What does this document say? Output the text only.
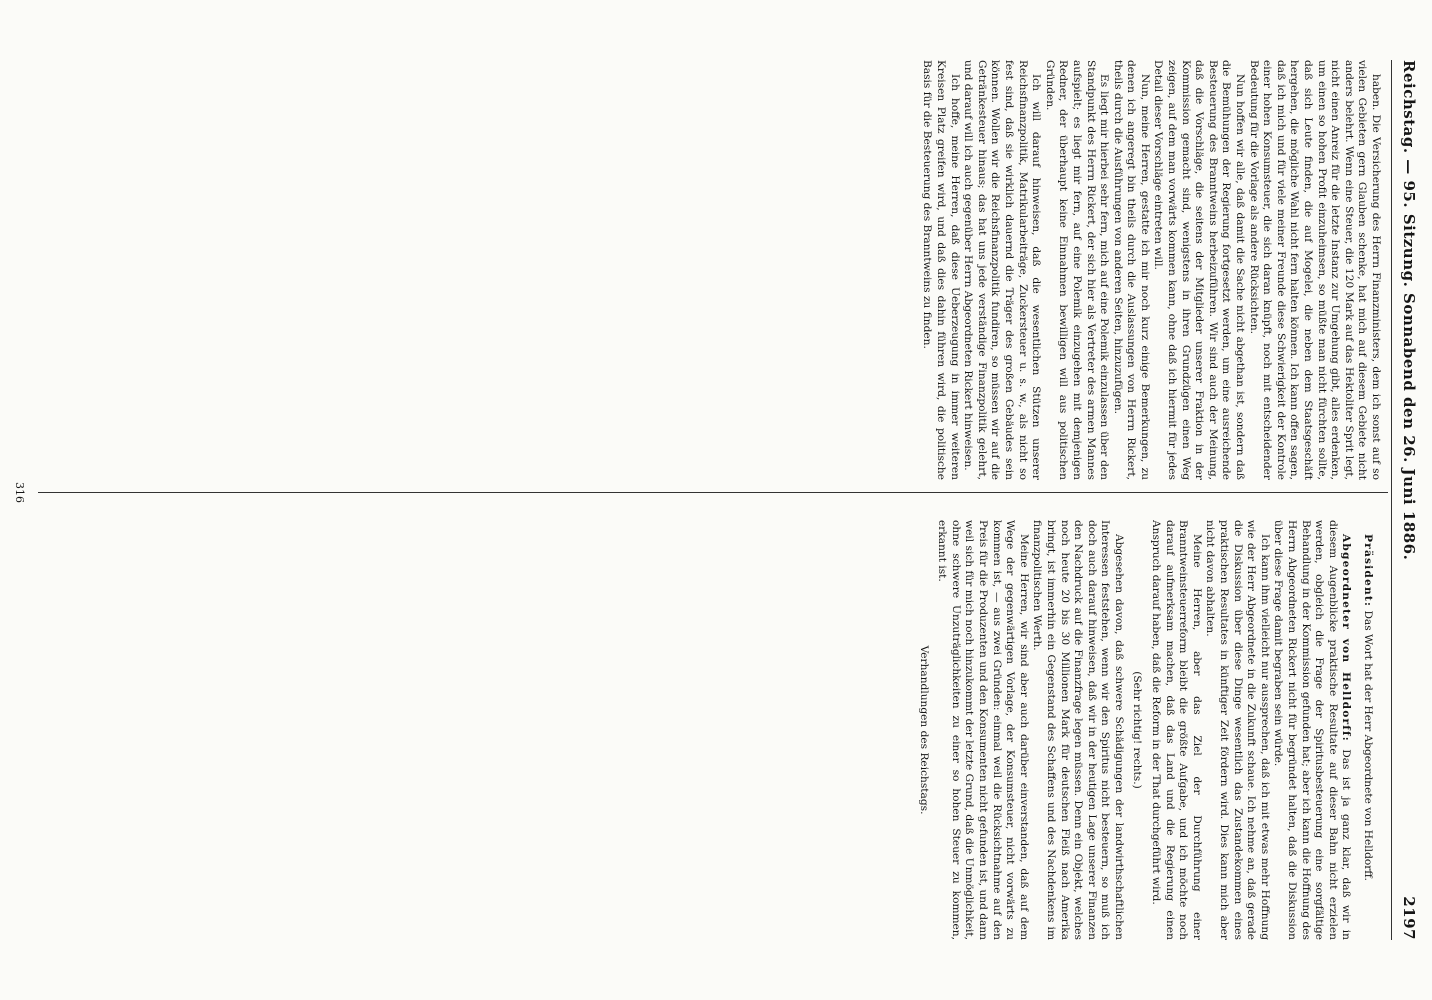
Reichstag. — 95. Sitzung. Sonnabend den 26. Juni 1886.
2197

haben. Die Versicherung des Herrn Finanzministers, dem ich sonst auf so vielen Gebieten gern Glauben schenke, hat mich auf diesem Gebiete nicht anders belehrt. Wenn eine Steuer, die 120 Mark auf das Hektoliter Sprit legt, nicht einen Anreiz für die letzte Instanz zur Umgehung gibt, alles erdenken, um einen so hohen Profit einzuheimsen, so müßte man nicht fürchten sollte, daß sich Leute finden, die auf Mogelei, die neben dem Staatsgeschäft hergehen, die mögliche Wahl nicht fern halten können. Ich kann offen sagen, daß ich mich und für viele meiner Freunde diese Schwierigkeit der Kontrole einer hohen Konsumsteuer, die sich daran knüpft, noch mit entscheidender Bedeutung für die Vorlage als andere Rücksichten.

Nun hoffen wir alle, daß damit die Sache nicht abgethan ist, sondern daß die Bemühungen der Regierung fortgesetzt werden, um eine ausreichende Besteuerung des Branntweins herbeizuführen. Wir sind auch der Meinung, daß die Vorschläge, die seitens der Mitglieder unserer Fraktion in der Kommission gemacht sind, wenigstens in ihren Grundzügen einen Weg zeigen, auf dem man vorwärts kommen kann, ohne daß ich hiermit für jedes Detail dieser Vorschläge eintreten will.

Nun, meine Herren, gestatte ich mir noch kurz einige Bemerkungen, zu denen ich angeregt bin theils durch die Auslassungen von Herrn Rickert, theils durch die Ausführungen von anderen Seiten, hinzuzufügen.

Es liegt mir hierbei sehr fern, mich auf eine Polemik einzulassen über den Standpunkt des Herrn Rickert, der sich hier als Vertreter des armen Mannes aufspielt; es liegt mir fern, auf eine Polemik einzugehen mit demjenigen Redner, der überhaupt keine Einnahmen bewilligen will aus politischen Gründen.

Ich will darauf hinweisen, daß die wesentlichen Stützen unserer Reichsfinanzpolitik, Matrikularbeiträge, Zuckersteuer u. s. w., als nicht so fest sind, daß sie wirklich dauernd die Träger des großen Gebäudes sein können. Wollen wir die Reichsfinanzpolitik fundiren, so müssen wir auf die Getränkesteuer hinaus; das hat uns jede verständige Finanzpolitik gelehrt, und darauf will ich auch gegenüber Herrn Abgeordneten Rickert hinweisen.

Ich hoffe, meine Herren, daß diese Ueberzeugung in immer weiteren Kreisen Platz greifen wird, und daß dies dahin führen wird, die politische Basis für die Besteuerung des Branntweins zu finden.

Präsident: Das Wort hat der Herr Abgeordnete von Helldorff.

Abgeordneter von Helldorff: Das ist ja ganz klar, daß wir in diesem Augenblicke praktische Resultate auf dieser Bahn nicht erzielen werden, obgleich die Frage der Spiritusbesteuerung eine sorgfältige Behandlung in der Kommission gefunden hat; aber ich kann die Hoffnung des Herrn Abgeordneten Rickert nicht für begründet halten, daß die Diskussion über diese Frage damit begraben sein würde.

Ich kann ihm vielleicht nur aussprechen, daß ich mit etwas mehr Hoffnung wie der Herr Abgeordnete in die Zukunft schaue. Ich nehme an, daß gerade die Diskussion über diese Dinge wesentlich das Zustandekommen eines praktischen Resultates in künftiger Zeit fördern wird. Dies kann mich aber nicht davon abhalten.

Meine Herren, aber das Ziel der Durchführung einer Branntweinsteuerreform bleibt die größte Aufgabe, und ich möchte noch darauf aufmerksam machen, daß das Land und die Regierung einen Anspruch darauf haben, daß die Reform in der That durchgeführt wird.

(Sehr richtig! rechts.)

Abgesehen davon, daß schwere Schädigungen der landwirthschaftlichen Interessen feststehen, wenn wir den Spiritus nicht besteuern, so muß ich doch auch darauf hinweisen, daß wir in der heutigen Lage unserer Finanzen den Nachdruck auf die Finanzfrage legen müssen. Denn ein Objekt, welches noch heute 20 bis 30 Millionen Mark für deutschen Fleiß nach Amerika bringt, ist immerhin ein Gegenstand des Schaffens und des Nachdenkens im finanzpolitischen Werth.

Meine Herren, wir sind aber auch darüber einverstanden, daß auf dem Wege der gegenwärtigen Vorlage, der Konsumsteuer, nicht vorwärts zu kommen ist, — aus zwei Gründen: einmal weil die Rücksichtnahme auf den Preis für die Produzenten und den Konsumenten nicht gefunden ist, und dann weil sich für mich noch hinzukommt der letzte Grund, daß die Unmöglichkeit, ohne schwere Unzuträglichkeiten zu einer so hohen Steuer zu kommen, erkannt ist.

Verhandlungen des Reichstags.

316
